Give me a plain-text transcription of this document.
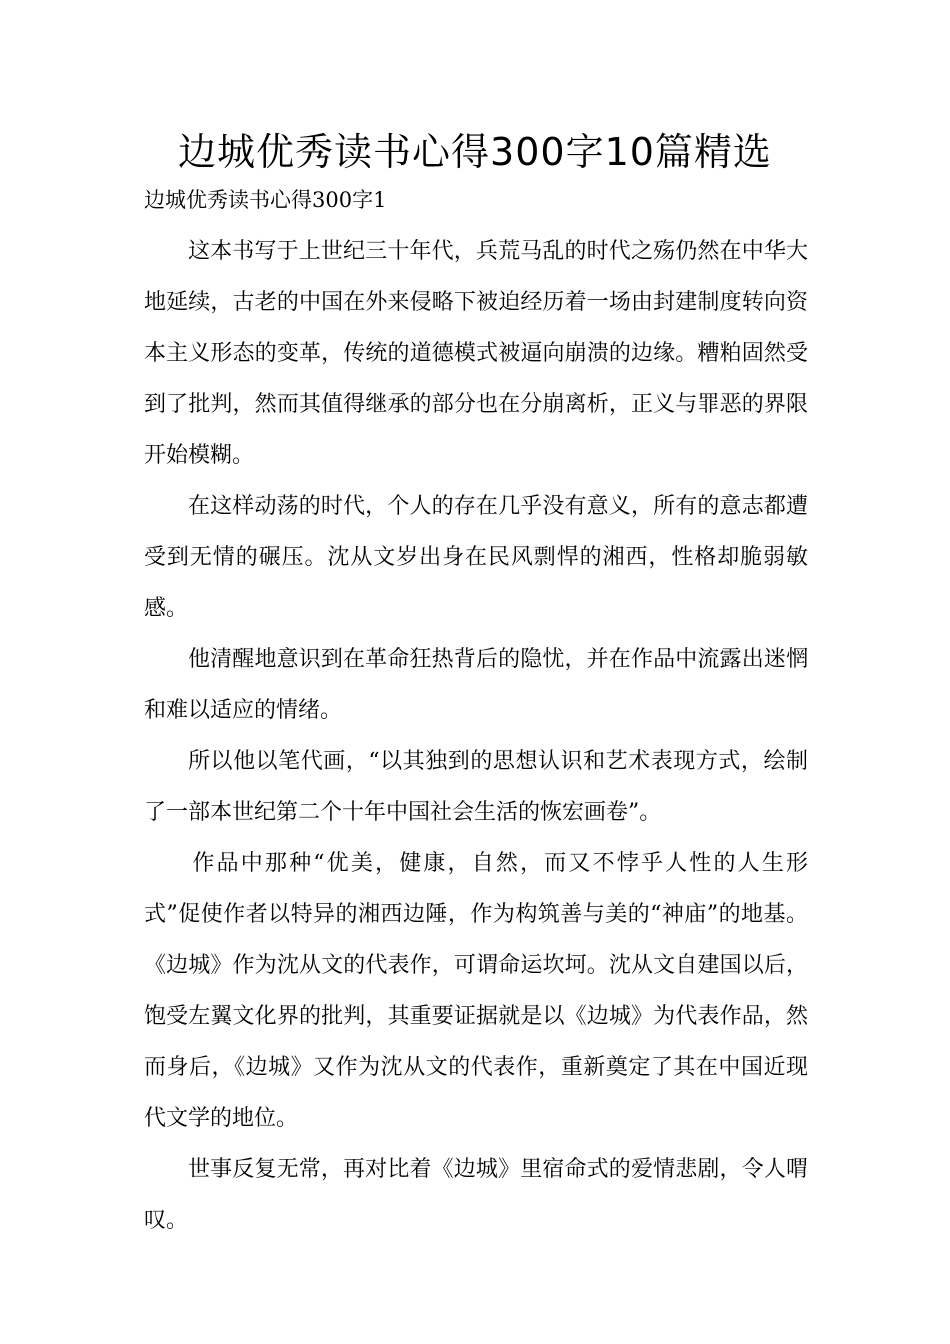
边城优秀读书心得300字10篇精选

边城优秀读书心得300字1

这本书写于上世纪三十年代，兵荒马乱的时代之殇仍然在中华大地延续，古老的中国在外来侵略下被迫经历着一场由封建制度转向资本主义形态的变革，传统的道德模式被逼向崩溃的边缘。糟粕固然受到了批判，然而其值得继承的部分也在分崩离析，正义与罪恶的界限开始模糊。

在这样动荡的时代，个人的存在几乎没有意义，所有的意志都遭受到无情的碾压。沈从文岁出身在民风剽悍的湘西，性格却脆弱敏感。

他清醒地意识到在革命狂热背后的隐忧，并在作品中流露出迷惘和难以适应的情绪。

所以他以笔代画，“以其独到的思想认识和艺术表现方式，绘制了一部本世纪第二个十年中国社会生活的恢宏画卷”。

作品中那种“优美，健康，自然，而又不悖乎人性的人生形式”促使作者以特异的湘西边陲，作为构筑善与美的“神庙”的地基。《边城》作为沈从文的代表作，可谓命运坎坷。沈从文自建国以后，饱受左翼文化界的批判，其重要证据就是以《边城》为代表作品，然而身后，《边城》又作为沈从文的代表作，重新奠定了其在中国近现代文学的地位。

世事反复无常，再对比着《边城》里宿命式的爱情悲剧，令人喟叹。
